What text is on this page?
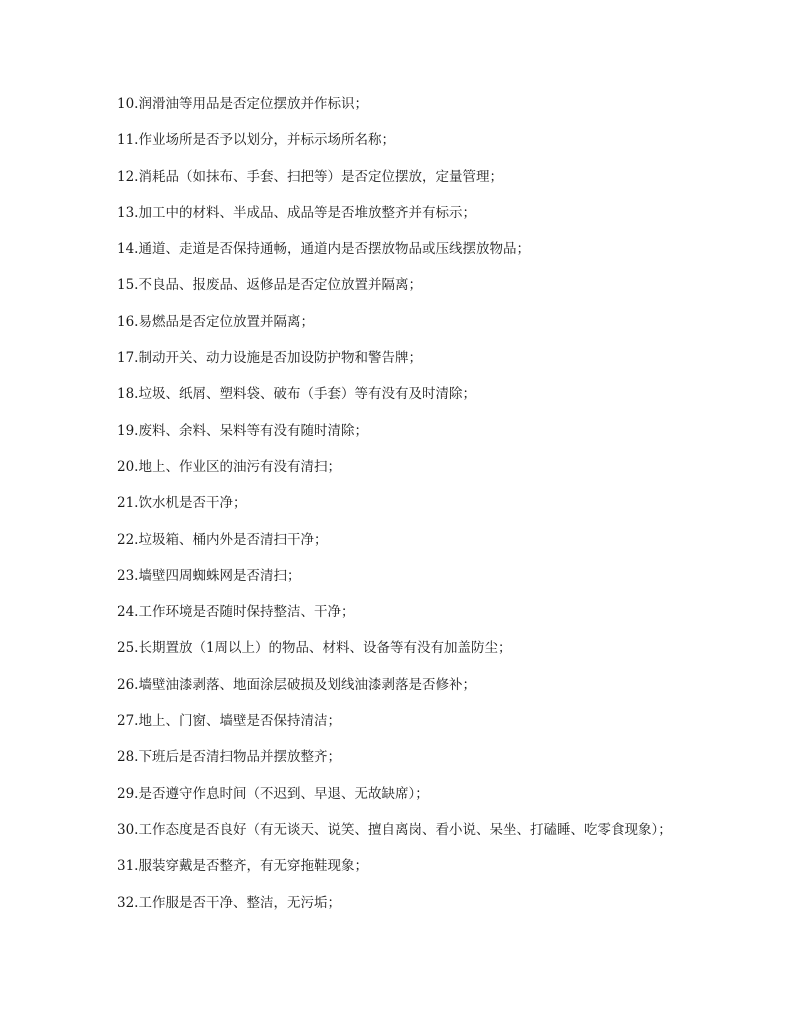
10.润滑油等用品是否定位摆放并作标识；
11.作业场所是否予以划分，并标示场所名称；
12.消耗品（如抹布、手套、扫把等）是否定位摆放，定量管理；
13.加工中的材料、半成品、成品等是否堆放整齐并有标示；
14.通道、走道是否保持通畅，通道内是否摆放物品或压线摆放物品；
15.不良品、报废品、返修品是否定位放置并隔离；
16.易燃品是否定位放置并隔离；
17.制动开关、动力设施是否加设防护物和警告牌；
18.垃圾、纸屑、塑料袋、破布（手套）等有没有及时清除；
19.废料、余料、呆料等有没有随时清除；
20.地上、作业区的油污有没有清扫；
21.饮水机是否干净；
22.垃圾箱、桶内外是否清扫干净；
23.墙壁四周蜘蛛网是否清扫；
24.工作环境是否随时保持整洁、干净；
25.长期置放（1周以上）的物品、材料、设备等有没有加盖防尘；
26.墙壁油漆剥落、地面涂层破损及划线油漆剥落是否修补；
27.地上、门窗、墙壁是否保持清洁；
28.下班后是否清扫物品并摆放整齐；
29.是否遵守作息时间（不迟到、早退、无故缺席）；
30.工作态度是否良好（有无谈天、说笑、擅自离岗、看小说、呆坐、打磕睡、吃零食现象）；
31.服装穿戴是否整齐，有无穿拖鞋现象；
32.工作服是否干净、整洁，无污垢；
